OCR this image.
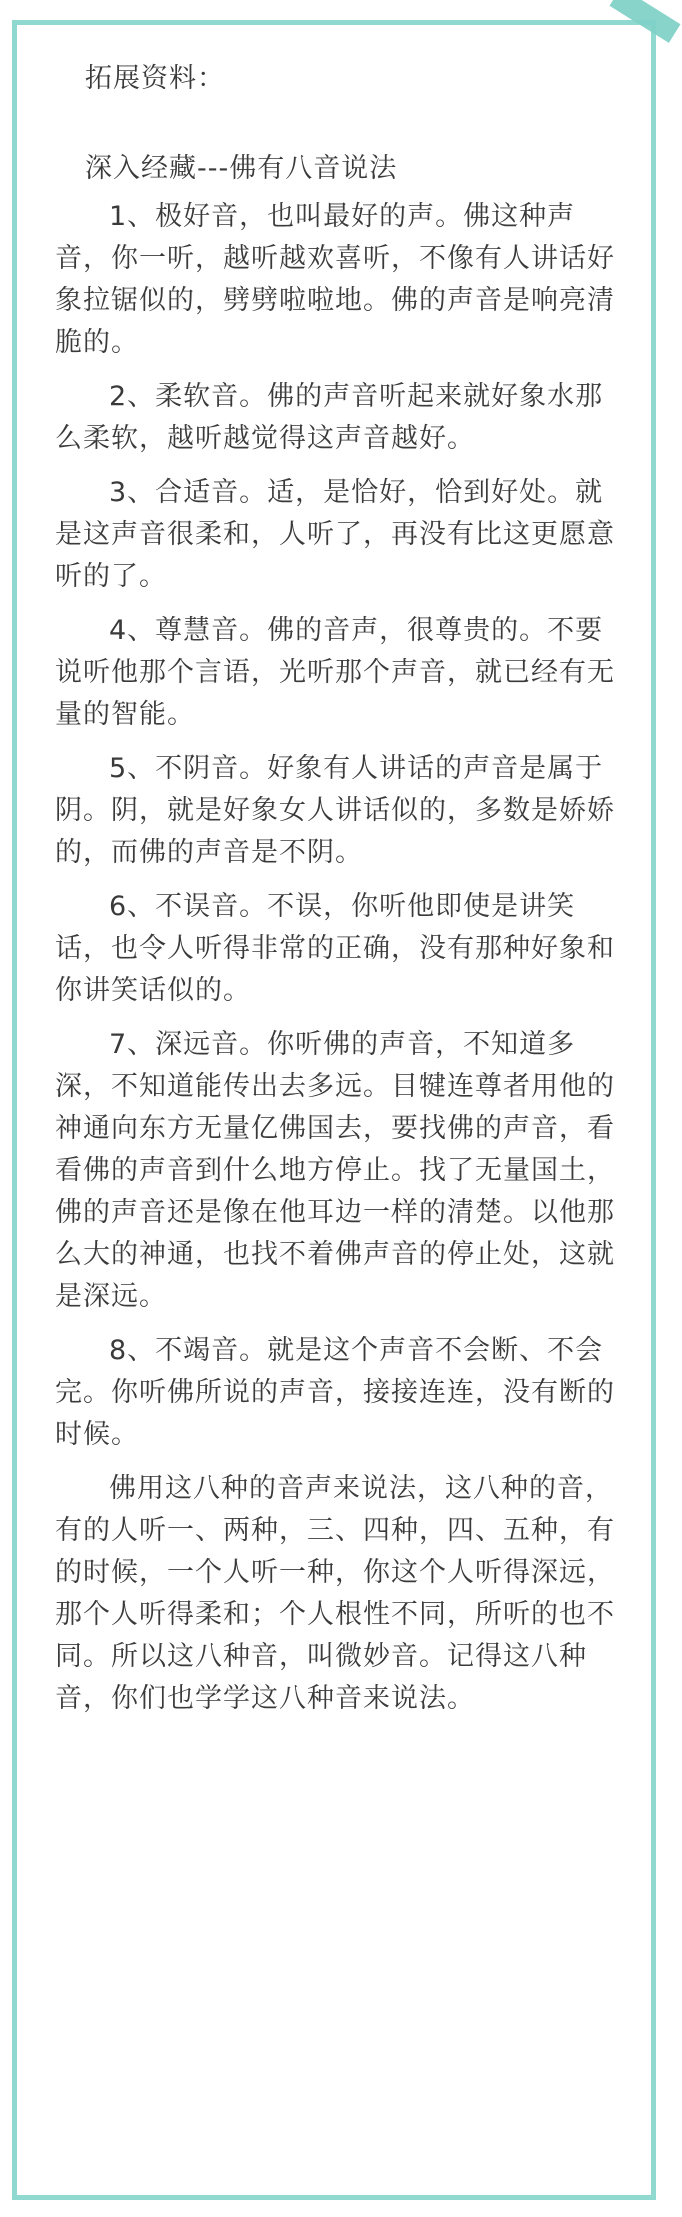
拓展资料：
深入经藏---佛有八音说法

1、极好音，也叫最好的声。佛这种声音，你一听，越听越欢喜听，不像有人讲话好象拉锯似的，劈劈啦啦地。佛的声音是响亮清脆的。

2、柔软音。佛的声音听起来就好象水那么柔软，越听越觉得这声音越好。

3、合适音。适，是恰好，恰到好处。就是这声音很柔和，人听了，再没有比这更愿意听的了。

4、尊慧音。佛的音声，很尊贵的。不要说听他那个言语，光听那个声音，就已经有无量的智能。

5、不阴音。好象有人讲话的声音是属于阴。阴，就是好象女人讲话似的，多数是娇娇的，而佛的声音是不阴。

6、不误音。不误，你听他即使是讲笑话，也令人听得非常的正确，没有那种好象和你讲笑话似的。

7、深远音。你听佛的声音，不知道多深，不知道能传出去多远。目犍连尊者用他的神通向东方无量亿佛国去，要找佛的声音，看看佛的声音到什么地方停止。找了无量国土，佛的声音还是像在他耳边一样的清楚。以他那么大的神通，也找不着佛声音的停止处，这就是深远。

8、不竭音。就是这个声音不会断、不会完。你听佛所说的声音，接接连连，没有断的时候。

佛用这八种的音声来说法，这八种的音，有的人听一、两种，三、四种，四、五种，有的时候，一个人听一种，你这个人听得深远，那个人听得柔和；个人根性不同，所听的也不同。所以这八种音，叫微妙音。记得这八种音，你们也学学这八种音来说法。
